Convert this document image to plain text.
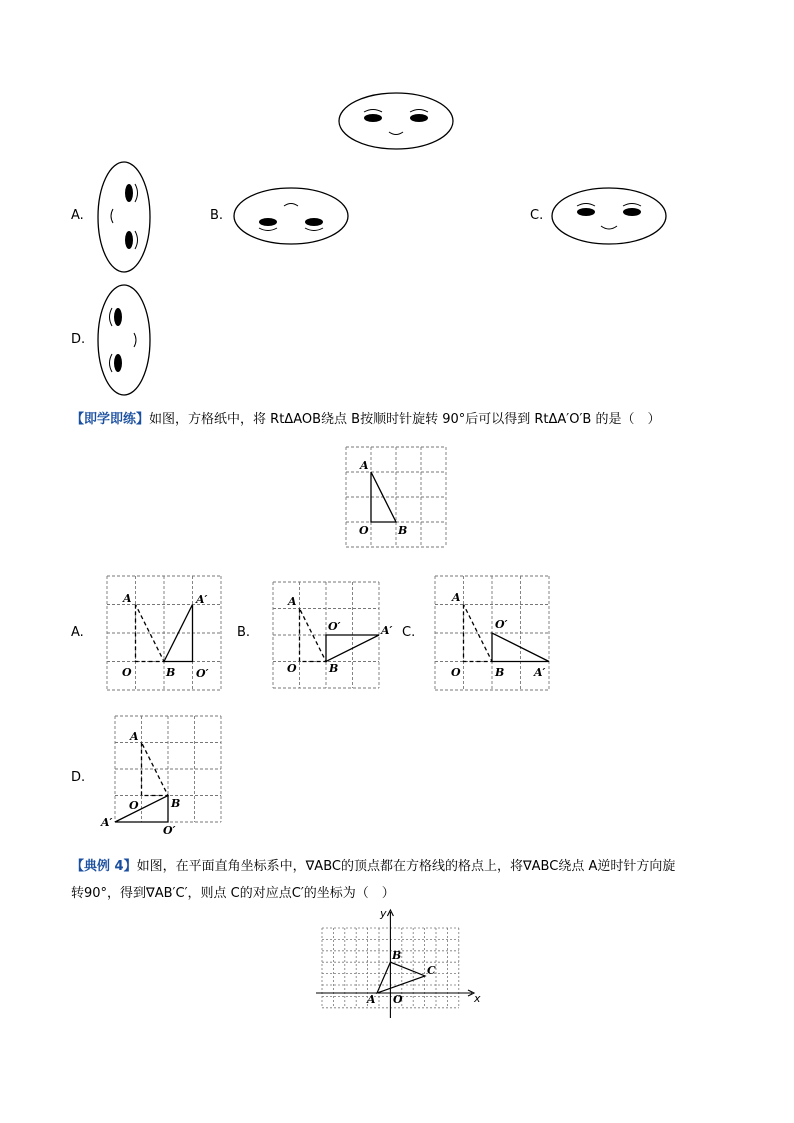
A.	B.	C.
D.
【即学即练】如图，方格纸中，将 RtΔAOB绕点 B按顺时针旋转 90°后可以得到 RtΔA′O′B 的是（　）
A
O	B
A
O	B
A′
O′
A
O	B
O′	A′
A
O	B
O′
A′
A
O	B
A′
O′
A.	B.	C.
D.
【典例 4】如图，在平面直角坐标系中，∇ABC的顶点都在方格线的格点上，将∇ABC绕点 A逆时针方向旋
转90°，得到∇AB′C′，则点 C的对应点C′的坐标为（　）
x
y
A
B
C
O
